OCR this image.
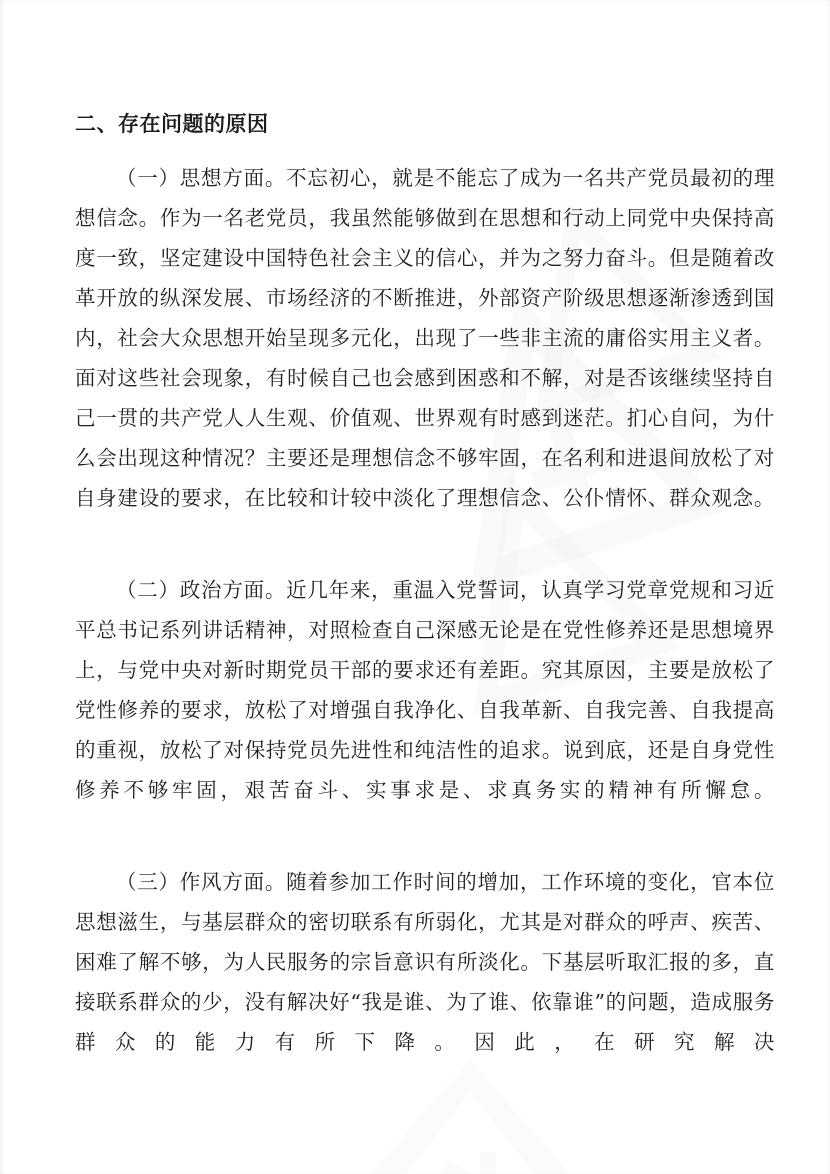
二、存在问题的原因

（一）思想方面。不忘初心，就是不能忘了成为一名共产党员最初的理想信念。作为一名老党员，我虽然能够做到在思想和行动上同党中央保持高度一致，坚定建设中国特色社会主义的信心，并为之努力奋斗。但是随着改革开放的纵深发展、市场经济的不断推进，外部资产阶级思想逐渐渗透到国内，社会大众思想开始呈现多元化，出现了一些非主流的庸俗实用主义者。面对这些社会现象，有时候自己也会感到困惑和不解，对是否该继续坚持自己一贯的共产党人人生观、价值观、世界观有时感到迷茫。扪心自问，为什么会出现这种情况？主要还是理想信念不够牢固，在名利和进退间放松了对自身建设的要求，在比较和计较中淡化了理想信念、公仆情怀、群众观念。

（二）政治方面。近几年来，重温入党誓词，认真学习党章党规和习近平总书记系列讲话精神，对照检查自己深感无论是在党性修养还是思想境界上，与党中央对新时期党员干部的要求还有差距。究其原因，主要是放松了党性修养的要求，放松了对增强自我净化、自我革新、自我完善、自我提高的重视，放松了对保持党员先进性和纯洁性的追求。说到底，还是自身党性修养不够牢固，艰苦奋斗、实事求是、求真务实的精神有所懈怠。

（三）作风方面。随着参加工作时间的增加，工作环境的变化，官本位思想滋生，与基层群众的密切联系有所弱化，尤其是对群众的呼声、疾苦、困难了解不够，为人民服务的宗旨意识有所淡化。下基层听取汇报的多，直接联系群众的少，没有解决好“我是谁、为了谁、依靠谁”的问题，造成服务群众的能力有所下降。因此，在研究解决
